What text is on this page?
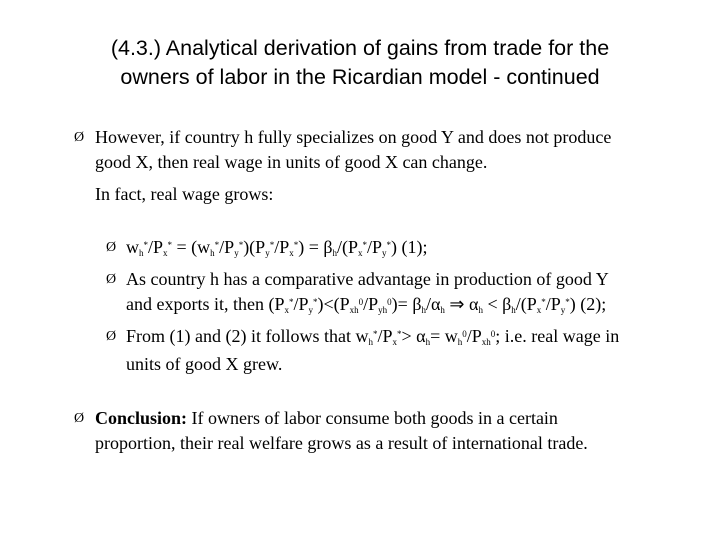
(4.3.) Analytical derivation of gains from trade for the
owners of labor in the Ricardian model - continued
Ø However, if country h fully specializes on good Y and does not produce
good X, then real wage in units of good X can change.
In fact, real wage grows:
Ø $w_h^*/P_x^* = (w_h^*/P_y^*)(P_y^*/P_x^*) = \beta_h/(P_x^*/P_y^*)$ (1);
Ø As country h has a comparative advantage in production of good Y
and exports it, then $(P_x^*/P_y^*)<(P_{xh}^0/P_{yh}^0)= \beta_h/\alpha_h$ ⇒ $\alpha_h < \beta_h/(P_x^*/P_y^*)$ (2);
Ø From (1) and (2) it follows that $w_h^*/P_x^*> \alpha_h= w_h^0/P_{xh}^0$; i.e. real wage in
units of good X grew.
Ø Conclusion: If owners of labor consume both goods in a certain
proportion, their real welfare grows as a result of international trade.
